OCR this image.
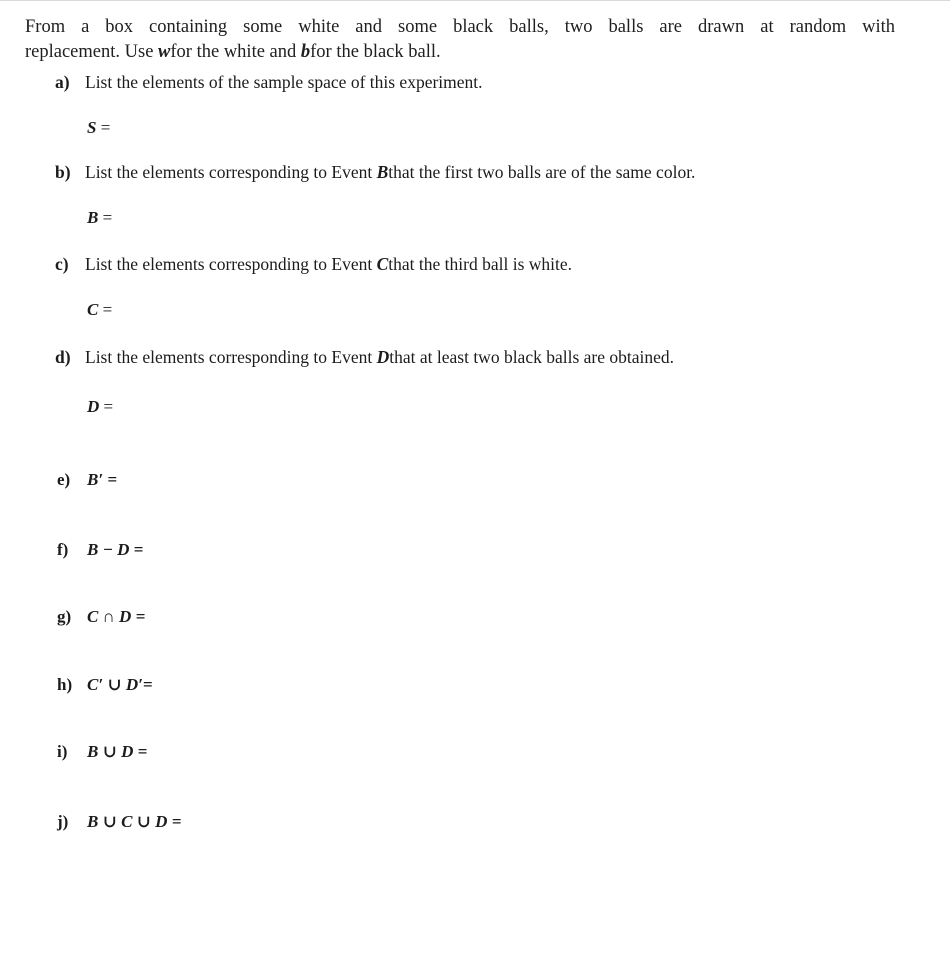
From a box containing some white and some black balls, two balls are drawn at random with
replacement. Use wfor the white and bfor the black ball.
a) List the elements of the sample space of this experiment.
S =
b) List the elements corresponding to Event Bthat the first two balls are of the same color.
B =
c) List the elements corresponding to Event Cthat the third ball is white.
C =
d) List the elements corresponding to Event Dthat at least two black balls are obtained.
D =
e) B′ =
f) B − D =
g) C ∩ D =
h) C′ ∪ D′=
i) B ∪ D =
j) B ∪ C ∪ D =
